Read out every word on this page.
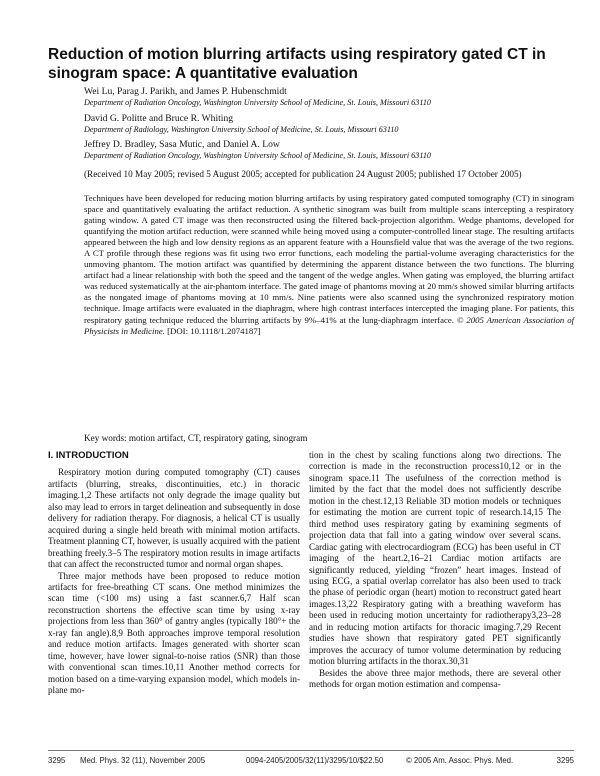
Reduction of motion blurring artifacts using respiratory gated CT in sinogram space: A quantitative evaluation
Wei Lu, Parag J. Parikh, and James P. Hubenschmidt
Department of Radiation Oncology, Washington University School of Medicine, St. Louis, Missouri 63110
David G. Politte and Bruce R. Whiting
Department of Radiology, Washington University School of Medicine, St. Louis, Missouri 63110
Jeffrey D. Bradley, Sasa Mutic, and Daniel A. Low
Department of Radiation Oncology, Washington University School of Medicine, St. Louis, Missouri 63110
(Received 10 May 2005; revised 5 August 2005; accepted for publication 24 August 2005; published 17 October 2005)

Techniques have been developed for reducing motion blurring artifacts by using respiratory gated computed tomography (CT) in sinogram space and quantitatively evaluating the artifact reduction. A synthetic sinogram was built from multiple scans intercepting a respiratory gating window. A gated CT image was then reconstructed using the filtered back-projection algorithm. Wedge phantoms, developed for quantifying the motion artifact reduction, were scanned while being moved using a computer-controlled linear stage. The resulting artifacts appeared between the high and low density regions as an apparent feature with a Hounsfield value that was the average of the two regions. A CT profile through these regions was fit using two error functions, each modeling the partial-volume averaging characteristics for the unmoving phantom. The motion artifact was quantified by determining the apparent distance between the two functions. The blurring artifact had a linear relationship with both the speed and the tangent of the wedge angles. When gating was employed, the blurring artifact was reduced systematically at the air-phantom interface. The gated image of phantoms moving at 20 mm/s showed similar blurring artifacts as the nongated image of phantoms moving at 10 mm/s. Nine patients were also scanned using the synchronized respiratory motion technique. Image artifacts were evaluated in the diaphragm, where high contrast interfaces intercepted the imaging plane. For patients, this respiratory gating technique reduced the blurring artifacts by 9%–41% at the lung-diaphragm interface. © 2005 American Association of Physicists in Medicine. [DOI: 10.1118/1.2074187]

Key words: motion artifact, CT, respiratory gating, sinogram
I. INTRODUCTION

Respiratory motion during computed tomography (CT) causes artifacts (blurring, streaks, discontinuities, etc.) in thoracic imaging.1,2 These artifacts not only degrade the image quality but also may lead to errors in target delineation and subsequently in dose delivery for radiation therapy. For diagnosis, a helical CT is usually acquired during a single held breath with minimal motion artifacts. Treatment planning CT, however, is usually acquired with the patient breathing freely.3–5 The respiratory motion results in image artifacts that can affect the reconstructed tumor and normal organ shapes.

Three major methods have been proposed to reduce motion artifacts for free-breathing CT scans. One method minimizes the scan time (<100 ms) using a fast scanner.6,7 Half scan reconstruction shortens the effective scan time by using x-ray projections from less than 360° of gantry angles (typically 180°+ the x-ray fan angle).8,9 Both approaches improve temporal resolution and reduce motion artifacts. Images generated with shorter scan time, however, have lower signal-to-noise ratios (SNR) than those with conventional scan times.10,11 Another method corrects for motion based on a time-varying expansion model, which models in-plane mo-

tion in the chest by scaling functions along two directions. The correction is made in the reconstruction process10,12 or in the sinogram space.11 The usefulness of the correction method is limited by the fact that the model does not sufficiently describe motion in the chest.12,13 Reliable 3D motion models or techniques for estimating the motion are current topic of research.14,15 The third method uses respiratory gating by examining segments of projection data that fall into a gating window over several scans. Cardiac gating with electrocardiogram (ECG) has been useful in CT imaging of the heart.2,16–21 Cardiac motion artifacts are significantly reduced, yielding “frozen” heart images. Instead of using ECG, a spatial overlap correlator has also been used to track the phase of periodic organ (heart) motion to reconstruct gated heart images.13,22 Respiratory gating with a breathing waveform has been used in reducing motion uncertainty for radiotherapy3,23–28 and in reducing motion artifacts for thoracic imaging.7,29 Recent studies have shown that respiratory gated PET significantly improves the accuracy of tumor volume determination by reducing motion blurring artifacts in the thorax.30,31

Besides the above three major methods, there are several other methods for organ motion estimation and compensa-

3295 Med. Phys. 32 (11), November 2005	0094-2405/2005/32(11)/3295/10/$22.50	© 2005 Am. Assoc. Phys. Med.	3295
